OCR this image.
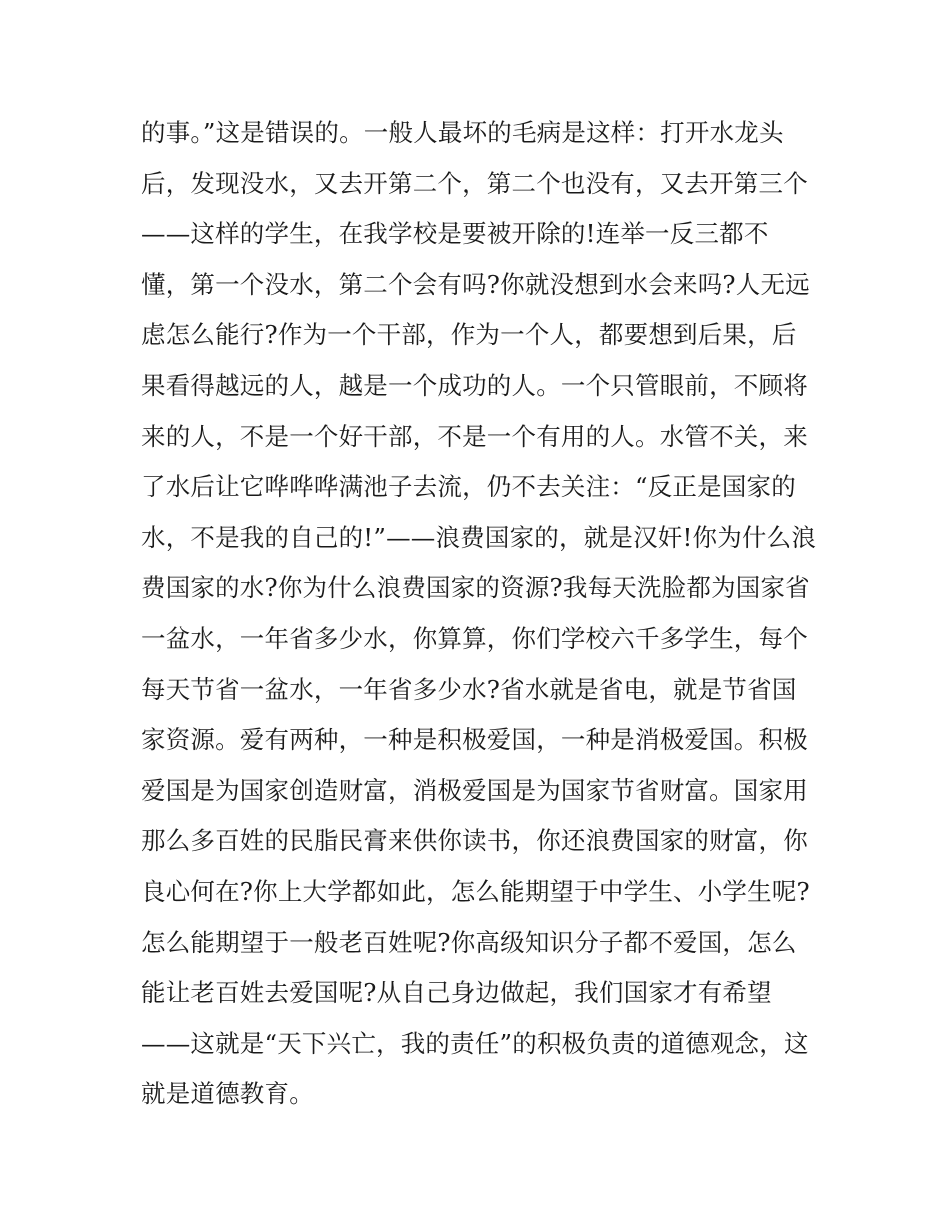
的事。”这是错误的。一般人最坏的毛病是这样：打开水龙头
后，发现没水，又去开第二个，第二个也没有，又去开第三个
——这样的学生，在我学校是要被开除的!连举一反三都不
懂，第一个没水，第二个会有吗?你就没想到水会来吗?人无远
虑怎么能行?作为一个干部，作为一个人，都要想到后果，后
果看得越远的人，越是一个成功的人。一个只管眼前，不顾将
来的人，不是一个好干部，不是一个有用的人。水管不关，来
了水后让它哗哗哗满池子去流，仍不去关注：“反正是国家的
水，不是我的自己的!”——浪费国家的，就是汉奸!你为什么浪
费国家的水?你为什么浪费国家的资源?我每天洗脸都为国家省
一盆水，一年省多少水，你算算，你们学校六千多学生，每个
每天节省一盆水，一年省多少水?省水就是省电，就是节省国
家资源。爱有两种，一种是积极爱国，一种是消极爱国。积极
爱国是为国家创造财富，消极爱国是为国家节省财富。国家用
那么多百姓的民脂民膏来供你读书，你还浪费国家的财富，你
良心何在?你上大学都如此，怎么能期望于中学生、小学生呢?
怎么能期望于一般老百姓呢?你高级知识分子都不爱国，怎么
能让老百姓去爱国呢?从自己身边做起，我们国家才有希望
——这就是“天下兴亡，我的责任”的积极负责的道德观念，这
就是道德教育。
